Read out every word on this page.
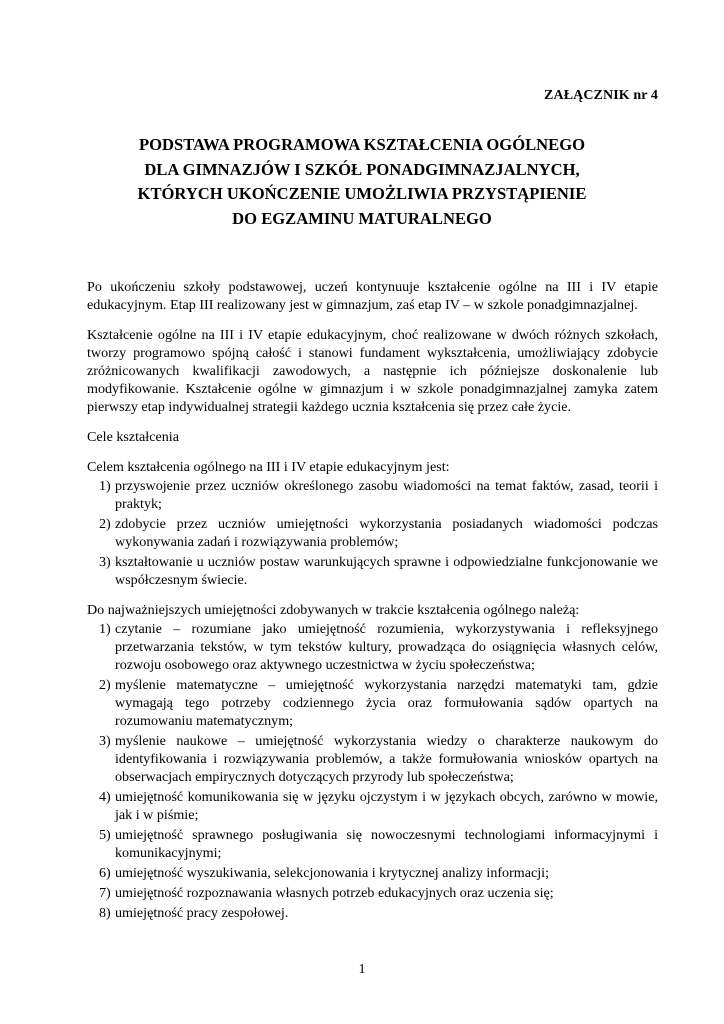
ZAŁĄCZNIK nr 4
PODSTAWA PROGRAMOWA KSZTAŁCENIA OGÓLNEGO
DLA GIMNAZJÓW I SZKÓŁ PONADGIMNAZJALNYCH,
KTÓRYCH UKOŃCZENIE UMOŻLIWIA PRZYSTĄPIENIE
DO EGZAMINU MATURALNEGO

Po ukończeniu szkoły podstawowej, uczeń kontynuuje kształcenie ogólne na III i IV etapie edukacyjnym. Etap III realizowany jest w gimnazjum, zaś etap IV – w szkole ponadgimnazjalnej.

Kształcenie ogólne na III i IV etapie edukacyjnym, choć realizowane w dwóch różnych szkołach, tworzy programowo spójną całość i stanowi fundament wykształcenia, umożliwiający zdobycie zróżnicowanych kwalifikacji zawodowych, a następnie ich późniejsze doskonalenie lub modyfikowanie. Kształcenie ogólne w gimnazjum i w szkole ponadgimnazjalnej zamyka zatem pierwszy etap indywidualnej strategii każdego ucznia kształcenia się przez całe życie.

Cele kształcenia
Celem kształcenia ogólnego na III i IV etapie edukacyjnym jest:
1) przyswojenie przez uczniów określonego zasobu wiadomości na temat faktów, zasad, teorii i praktyk;
2) zdobycie przez uczniów umiejętności wykorzystania posiadanych wiadomości podczas wykonywania zadań i rozwiązywania problemów;
3) kształtowanie u uczniów postaw warunkujących sprawne i odpowiedzialne funkcjonowanie we współczesnym świecie.
Do najważniejszych umiejętności zdobywanych w trakcie kształcenia ogólnego należą:
1) czytanie – rozumiane jako umiejętność rozumienia, wykorzystywania i refleksyjnego przetwarzania tekstów, w tym tekstów kultury, prowadząca do osiągnięcia własnych celów, rozwoju osobowego oraz aktywnego uczestnictwa w życiu społeczeństwa;
2) myślenie matematyczne – umiejętność wykorzystania narzędzi matematyki tam, gdzie wymagają tego potrzeby codziennego życia oraz formułowania sądów opartych na rozumowaniu matematycznym;
3) myślenie naukowe – umiejętność wykorzystania wiedzy o charakterze naukowym do identyfikowania i rozwiązywania problemów, a także formułowania wniosków opartych na obserwacjach empirycznych dotyczących przyrody lub społeczeństwa;
4) umiejętność komunikowania się w języku ojczystym i w językach obcych, zarówno w mowie, jak i w piśmie;
5) umiejętność sprawnego posługiwania się nowoczesnymi technologiami informacyjnymi i komunikacyjnymi;
6) umiejętność wyszukiwania, selekcjonowania i krytycznej analizy informacji;
7) umiejętność rozpoznawania własnych potrzeb edukacyjnych oraz uczenia się;
8) umiejętność pracy zespołowej.
1
